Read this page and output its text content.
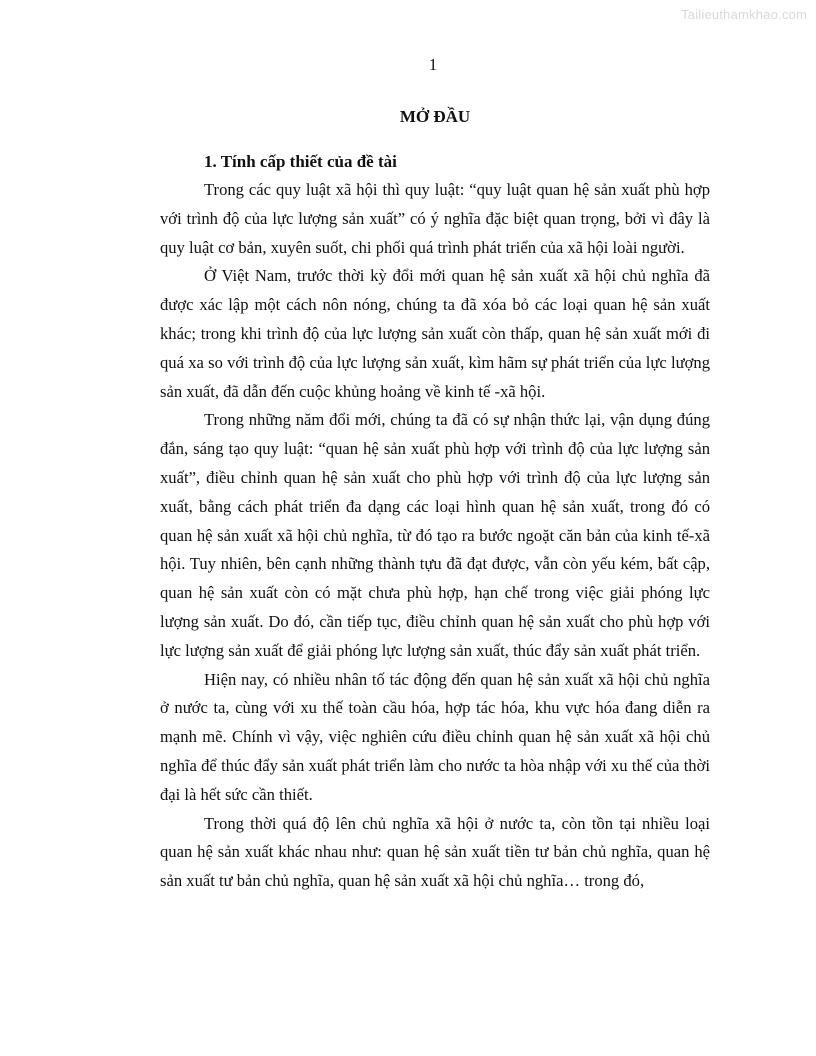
Tailieuthamkhao.com
1
MỞ ĐẦU
1. Tính cấp thiết của đề tài

Trong các quy luật xã hội thì quy luật: “quy luật quan hệ sản xuất phù hợp với trình độ của lực lượng sản xuất” có ý nghĩa đặc biệt quan trọng, bởi vì đây là quy luật cơ bản, xuyên suốt, chi phối quá trình phát triển của xã hội loài người.

Ở Việt Nam, trước thời kỳ đổi mới quan hệ sản xuất xã hội chủ nghĩa đã được xác lập một cách nôn nóng, chúng ta đã xóa bỏ các loại quan hệ sản xuất khác; trong khi trình độ của lực lượng sản xuất còn thấp, quan hệ sản xuất mới đi quá xa so với trình độ của lực lượng sản xuất, kìm hãm sự phát triển của lực lượng sản xuất, đã dẫn đến cuộc khủng hoảng về kinh tế -xã hội.

Trong những năm đổi mới, chúng ta đã có sự nhận thức lại, vận dụng đúng đắn, sáng tạo quy luật: “quan hệ sản xuất phù hợp với trình độ của lực lượng sản xuất”, điều chỉnh quan hệ sản xuất cho phù hợp với trình độ của lực lượng sản xuất, bằng cách phát triển đa dạng các loại hình quan hệ sản xuất, trong đó có quan hệ sản xuất xã hội chủ nghĩa, từ đó tạo ra bước ngoặt căn bản của kinh tế-xã hội. Tuy nhiên, bên cạnh những thành tựu đã đạt được, vẫn còn yếu kém, bất cập, quan hệ sản xuất còn có mặt chưa phù hợp, hạn chế trong việc giải phóng lực lượng sản xuất. Do đó, cần tiếp tục, điều chỉnh quan hệ sản xuất cho phù hợp với lực lượng sản xuất để giải phóng lực lượng sản xuất, thúc đẩy sản xuất phát triển.

Hiện nay, có nhiều nhân tố tác động đến quan hệ sản xuất xã hội chủ nghĩa ở nước ta, cùng với xu thế toàn cầu hóa, hợp tác hóa, khu vực hóa đang diễn ra mạnh mẽ. Chính vì vậy, việc nghiên cứu điều chỉnh quan hệ sản xuất xã hội chủ nghĩa để thúc đẩy sản xuất phát triển làm cho nước ta hòa nhập với xu thế của thời đại là hết sức cần thiết.

Trong thời quá độ lên chủ nghĩa xã hội ở nước ta, còn tồn tại nhiều loại quan hệ sản xuất khác nhau như: quan hệ sản xuất tiền tư bản chủ nghĩa, quan hệ sản xuất tư bản chủ nghĩa, quan hệ sản xuất xã hội chủ nghĩa… trong đó,
